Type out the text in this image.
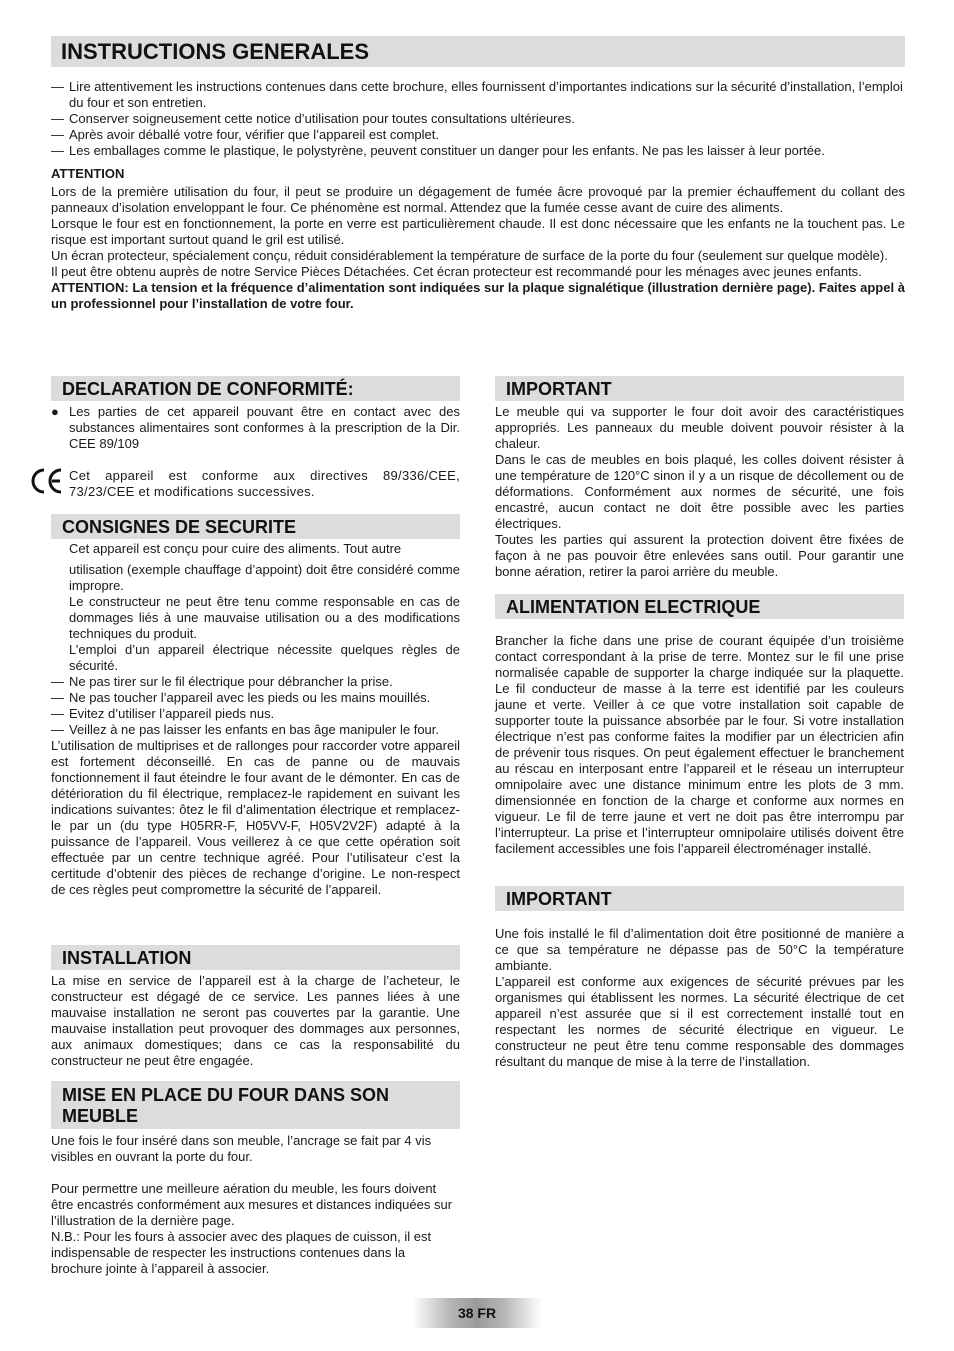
INSTRUCTIONS GENERALES
— Lire attentivement les instructions contenues dans cette brochure, elles fournissent d’importantes indications sur la sécurité d’installation, l’emploi du four et son entretien.
— Conserver soigneusement cette notice d’utilisation pour toutes consultations ultérieures.
— Après avoir déballé votre four, vérifier que l’appareil est complet.
— Les emballages comme le plastique, le polystyrène, peuvent constituer un danger pour les enfants. Ne pas les laisser à leur portée.

ATTENTION

Lors de la première utilisation du four, il peut se produire un dégagement de fumée âcre provoqué par la premier échauffement du collant des panneaux d’isolation enveloppant le four. Ce phénomène est normal. Attendez que la fumée cesse avant de cuire des aliments.

Lorsque le four est en fonctionnement, la porte en verre est particulièrement chaude. Il est donc nécessaire que les enfants ne la touchent pas. Le risque est important surtout quand le gril est utilisé.

Un écran protecteur, spécialement conçu, réduit considérablement la température de surface de la porte du four (seulement sur quelque modèle).

Il peut être obtenu auprès de notre Service Pièces Détachées. Cet écran protecteur est recommandé pour les ménages avec jeunes enfants.

ATTENTION: La tension et la fréquence d’alimentation sont indiquées sur la plaque signalétique (illustration dernière page). Faites appel à un professionnel pour l’installation de votre four.

DECLARATION DE CONFORMITÉ:
● Les parties de cet appareil pouvant être en contact avec des substances alimentaires sont conformes à la prescription de la Dir. CEE 89/109
Cet appareil est conforme aux directives 89/336/CEE, 73/23/CEE et modifications successives.
CONSIGNES DE SECURITE

Cet appareil est conçu pour cuire des aliments. Tout autre

utilisation (exemple chauffage d’appoint) doit être considéré comme impropre.

Le constructeur ne peut être tenu comme responsable en cas de dommages liés à une mauvaise utilisation ou a des modifications techniques du produit.

L’emploi d’un appareil électrique nécessite quelques règles de sécurité.

— Ne pas tirer sur le fil électrique pour débrancher la prise.
— Ne pas toucher l’appareil avec les pieds ou les mains mouillés.
— Evitez d’utiliser l’appareil pieds nus.
— Veillez à ne pas laisser les enfants en bas âge manipuler le four.

L’utilisation de multiprises et de rallonges pour raccorder votre appareil est fortement déconseillé. En cas de panne ou de mauvais fonctionnement il faut éteindre le four avant de le démonter. En cas de détérioration du fil électrique, remplacez-le rapidement en suivant les indications suivantes: ôtez le fil d’alimentation électrique et remplacez-le par un (du type H05RR-F, H05VV-F, H05V2V2F) adapté à la puissance de l’appareil. Vous veillerez à ce que cette opération soit effectuée par un centre technique agréé. Pour l’utilisateur c’est la certitude d’obtenir des pièces de rechange d’origine. Le non-respect de ces règles peut compromettre la sécurité de l’appareil.

INSTALLATION
La mise en service de l’appareil est à la charge de l’acheteur, le constructeur est dégagé de ce service. Les pannes liées à une mauvaise installation ne seront pas couvertes par la garantie. Une mauvaise installation peut provoquer des dommages aux personnes, aux animaux domestiques; dans ce cas la responsabilité du constructeur ne peut être engagée.
MISE EN PLACE DU FOUR DANS SON MEUBLE

Une fois le four inséré dans son meuble, l’ancrage se fait par 4 vis visibles en ouvrant la porte du four.

Pour permettre une meilleure aération du meuble, les fours doivent être encastrés conformément aux mesures et distances indiquées sur l’illustration de la dernière page.

N.B.: Pour les fours à associer avec des plaques de cuisson, il est indispensable de respecter les instructions contenues dans la brochure jointe à l’appareil à associer.

IMPORTANT

Le meuble qui va supporter le four doit avoir des caractéristiques appropriés. Les panneaux du meuble doivent pouvoir résister à la chaleur.

Dans le cas de meubles en bois plaqué, les colles doivent résister à une température de 120°C sinon il y a un risque de décollement ou de déformations. Conformément aux normes de sécurité, une fois encastré, aucun contact ne doit être possible avec les parties électriques.

Toutes les parties qui assurent la protection doivent être fixées de façon à ne pas pouvoir être enlevées sans outil. Pour garantir une bonne aération, retirer la paroi arrière du meuble.

ALIMENTATION ELECTRIQUE
Brancher la fiche dans une prise de courant équipée d’un troisième contact correspondant à la prise de terre. Montez sur le fil une prise normalisée capable de supporter la charge indiquée sur la plaquette. Le fil conducteur de masse à la terre est identifié par les couleurs jaune et verte. Veiller à ce que votre installation soit capable de supporter toute la puissance absorbée par le four. Si votre installation électrique n’est pas conforme faites la modifier par un électricien afin de prévenir tous risques. On peut également effectuer le branchement au réscau en interposant entre l’appareil et le réseau un interrupteur omnipolaire avec une distance minimum entre les plots de 3 mm. dimensionnée en fonction de la charge et conforme aux normes en vigueur. Le fil de terre jaune et vert ne doit pas être interrompu par l’interrupteur. La prise et l’interrupteur omnipolaire utilisés doivent être facilement accessibles une fois l’appareil électroménager installé.
IMPORTANT

Une fois installé le fil d’alimentation doit être positionné de manière a ce que sa température ne dépasse pas de 50°C la température ambiante.

L’appareil est conforme aux exigences de sécurité prévues par les organismes qui établissent les normes. La sécurité électrique de cet appareil n’est assurée que si il est correctement installé tout en respectant les normes de sécurité électrique en vigueur. Le constructeur ne peut être tenu comme responsable des dommages résultant du manque de mise à la terre de l’installation.

38 FR
